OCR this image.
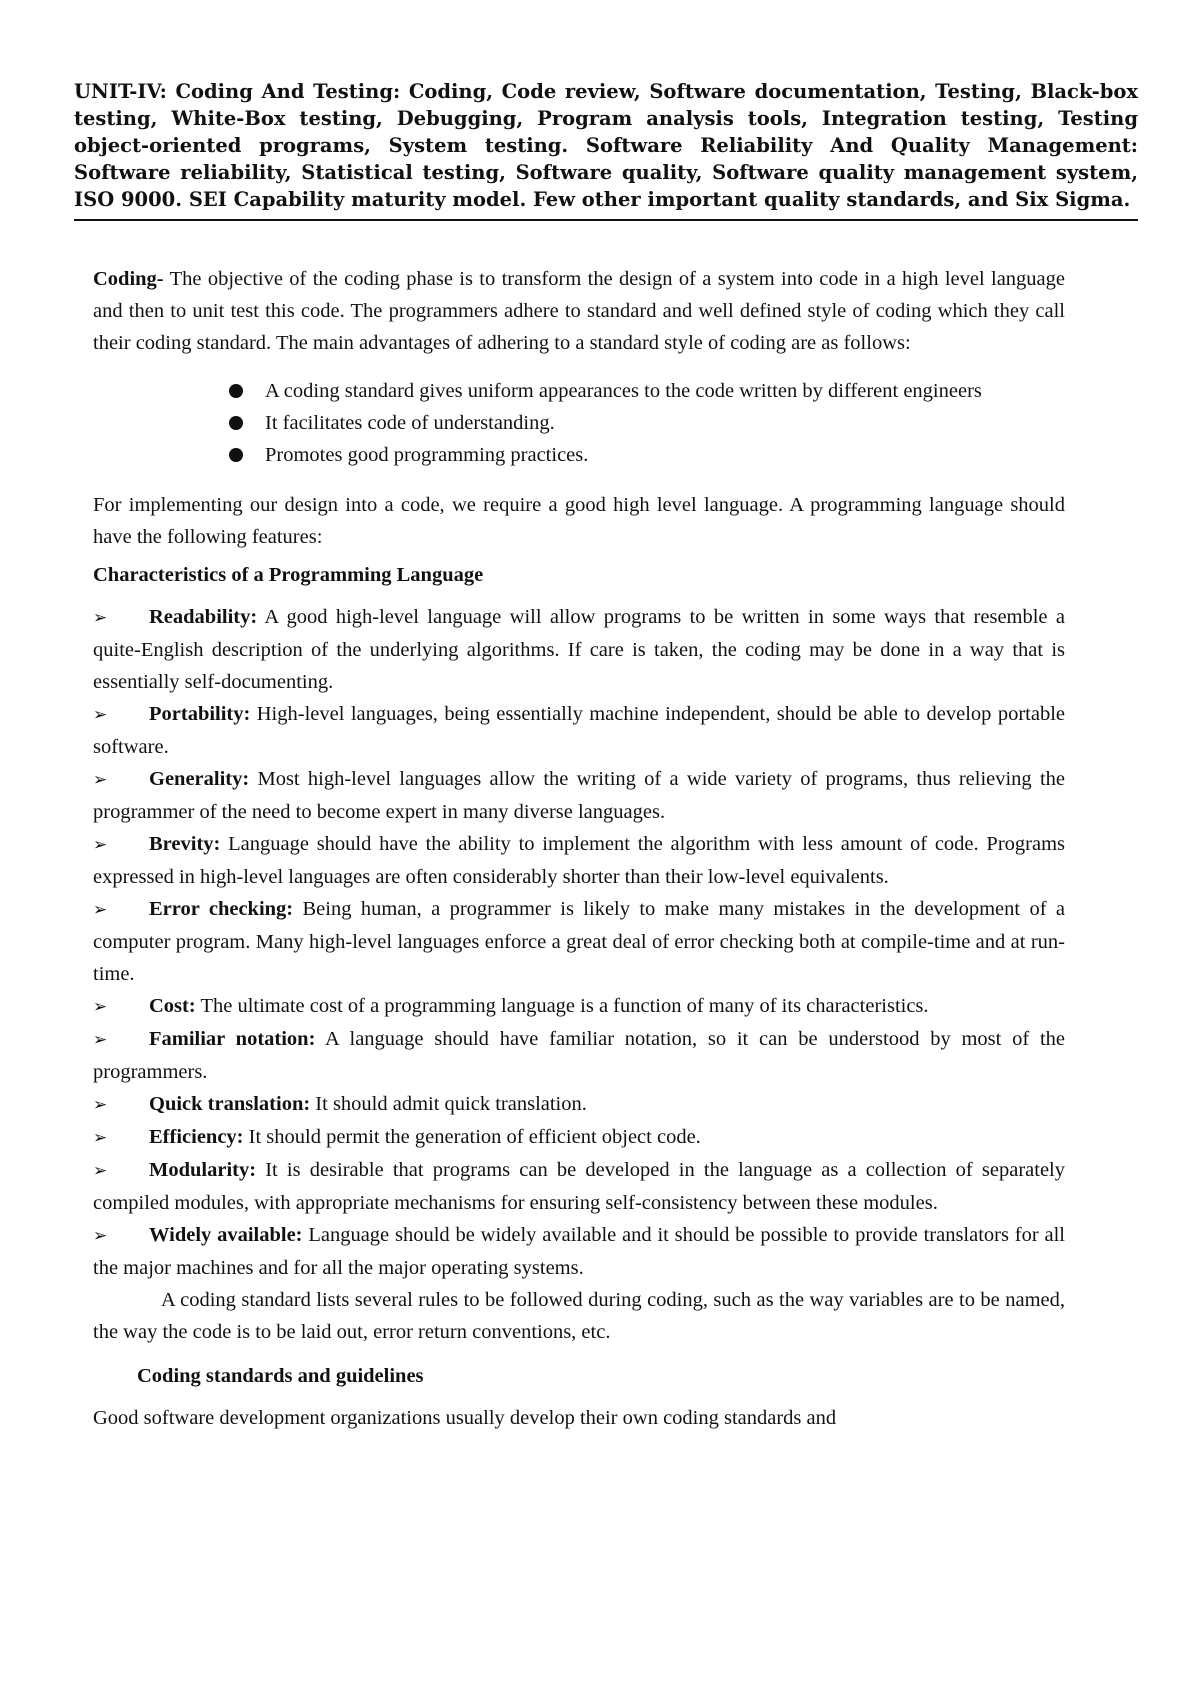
UNIT-IV: Coding And Testing: Coding, Code review, Software documentation, Testing, Black-box testing, White-Box testing, Debugging, Program analysis tools, Integration testing, Testing object-oriented programs, System testing. Software Reliability And Quality Management: Software reliability, Statistical testing, Software quality, Software quality management system, ISO 9000. SEI Capability maturity model. Few other important quality standards, and Six Sigma.

Coding- The objective of the coding phase is to transform the design of a system into code in a high level language and then to unit test this code. The programmers adhere to standard and well defined style of coding which they call their coding standard. The main advantages of adhering to a standard style of coding are as follows:

A coding standard gives uniform appearances to the code written by different engineers
It facilitates code of understanding.
Promotes good programming practices.

For implementing our design into a code, we require a good high level language. A programming language should have the following features:

Characteristics of a Programming Language

➢ Readability: A good high-level language will allow programs to be written in some ways that resemble a quite-English description of the underlying algorithms. If care is taken, the coding may be done in a way that is essentially self-documenting.
➢ Portability: High-level languages, being essentially machine independent, should be able to develop portable software.
➢ Generality: Most high-level languages allow the writing of a wide variety of programs, thus relieving the programmer of the need to become expert in many diverse languages.
➢ Brevity: Language should have the ability to implement the algorithm with less amount of code. Programs expressed in high-level languages are often considerably shorter than their low-level equivalents.
➢ Error checking: Being human, a programmer is likely to make many mistakes in the development of a computer program. Many high-level languages enforce a great deal of error checking both at compile-time and at run-time.
➢ Cost: The ultimate cost of a programming language is a function of many of its characteristics.
➢ Familiar notation: A language should have familiar notation, so it can be understood by most of the programmers.
➢ Quick translation: It should admit quick translation.
➢ Efficiency: It should permit the generation of efficient object code.
➢ Modularity: It is desirable that programs can be developed in the language as a collection of separately compiled modules, with appropriate mechanisms for ensuring self-consistency between these modules.
➢ Widely available: Language should be widely available and it should be possible to provide translators for all the major machines and for all the major operating systems.

A coding standard lists several rules to be followed during coding, such as the way variables are to be named, the way the code is to be laid out, error return conventions, etc.

Coding standards and guidelines

Good software development organizations usually develop their own coding standards and
